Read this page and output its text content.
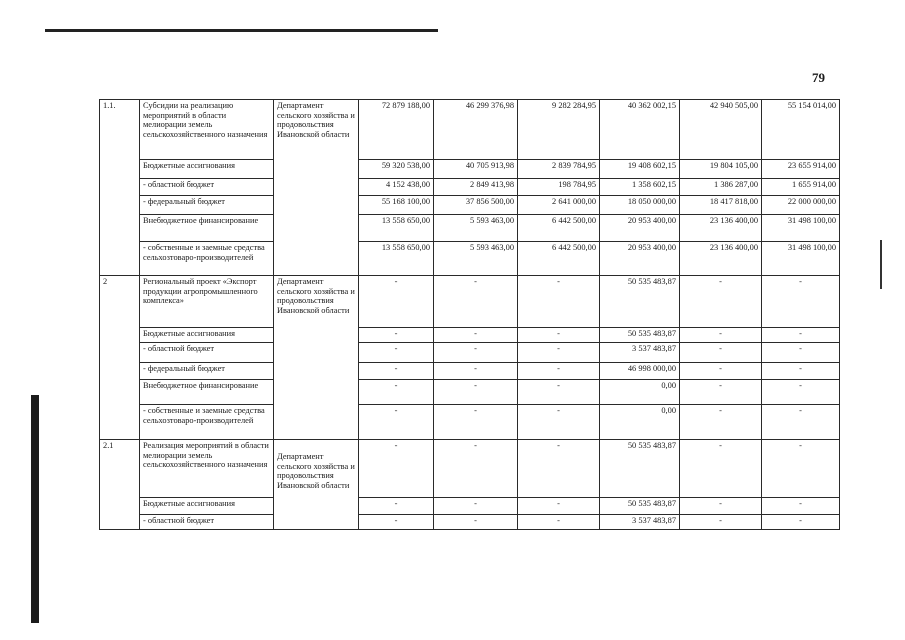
79
1.1.	Субсидии на реализацию мероприятий в области мелиорации земель сельскохозяйственного назначения	Департамент сельского хозяйства и продовольствия Ивановской области	72 879 188,00	46 299 376,98	9 282 284,95	40 362 002,15	42 940 505,00	55 154 014,00
	Бюджетные ассигнования		59 320 538,00	40 705 913,98	2 839 784,95	19 408 602,15	19 804 105,00	23 655 914,00
	- областной бюджет		4 152 438,00	2 849 413,98	198 784,95	1 358 602,15	1 386 287,00	1 655 914,00
	- федеральный бюджет		55 168 100,00	37 856 500,00	2 641 000,00	18 050 000,00	18 417 818,00	22 000 000,00
	Внебюджетное финансирование		13 558 650,00	5 593 463,00	6 442 500,00	20 953 400,00	23 136 400,00	31 498 100,00
	- собственные и заемные средства сельхозтоваро-производителей		13 558 650,00	5 593 463,00	6 442 500,00	20 953 400,00	23 136 400,00	31 498 100,00
2	Региональный проект «Экспорт продукции агропромышленного комплекса»	Департамент сельского хозяйства и продовольствия Ивановской области	-	-	-	50 535 483,87	-	-
	Бюджетные ассигнования		-	-	-	50 535 483,87	-	-
	- областной бюджет		-	-	-	3 537 483,87	-	-
	- федеральный бюджет		-	-	-	46 998 000,00	-	-
	Внебюджетное финансирование		-	-	-	0,00	-	-
	- собственные и заемные средства сельхозтоваро-производителей		-	-	-	0,00	-	-
2.1	Реализация мероприятий в области мелиорации земель сельскохозяйственного назначения	Департамент сельского хозяйства и продовольствия Ивановской области	-	-	-	50 535 483,87	-	-
	Бюджетные ассигнования		-	-	-	50 535 483,87	-	-
	- областной бюджет		-	-	-	3 537 483,87	-	-
